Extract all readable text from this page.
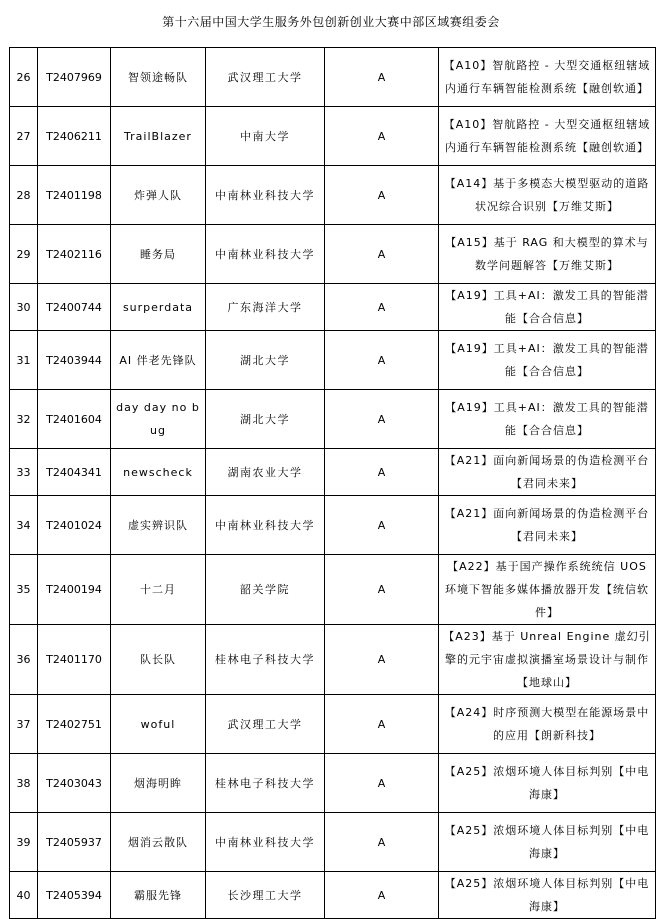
第十六届中国大学生服务外包创新创业大赛中部区域赛组委会
26	T2407969	智领途畅队	武汉理工大学	A	【A10】智航路控 - 大型交通枢纽辖域内通行车辆智能检测系统【融创软通】
27	T2406211	TrailBlazer	中南大学	A	【A10】智航路控 - 大型交通枢纽辖域内通行车辆智能检测系统【融创软通】
28	T2401198	炸弹人队	中南林业科技大学	A	【A14】基于多模态大模型驱动的道路状况综合识别【万维艾斯】
29	T2402116	睡务局	中南林业科技大学	A	【A15】基于 RAG 和大模型的算术与数学问题解答【万维艾斯】
30	T2400744	surperdata	广东海洋大学	A	【A19】工具+AI：激发工具的智能潜能【合合信息】
31	T2403944	AI 伴老先锋队	湖北大学	A	【A19】工具+AI：激发工具的智能潜能【合合信息】
32	T2401604	day day no bug	湖北大学	A	【A19】工具+AI：激发工具的智能潜能【合合信息】
33	T2404341	newscheck	湖南农业大学	A	【A21】面向新闻场景的伪造检测平台【君同未来】
34	T2401024	虚实辨识队	中南林业科技大学	A	【A21】面向新闻场景的伪造检测平台【君同未来】
35	T2400194	十二月	韶关学院	A	【A22】基于国产操作系统统信 UOS 环境下智能多媒体播放器开发【统信软件】
36	T2401170	队长队	桂林电子科技大学	A	【A23】基于 Unreal Engine 虚幻引擎的元宇宙虚拟演播室场景设计与制作【地球山】
37	T2402751	woful	武汉理工大学	A	【A24】时序预测大模型在能源场景中的应用【朗新科技】
38	T2403043	烟海明眸	桂林电子科技大学	A	【A25】浓烟环境人体目标判别【中电海康】
39	T2405937	烟消云散队	中南林业科技大学	A	【A25】浓烟环境人体目标判别【中电海康】
40	T2405394	霸服先锋	长沙理工大学	A	【A25】浓烟环境人体目标判别【中电海康】
